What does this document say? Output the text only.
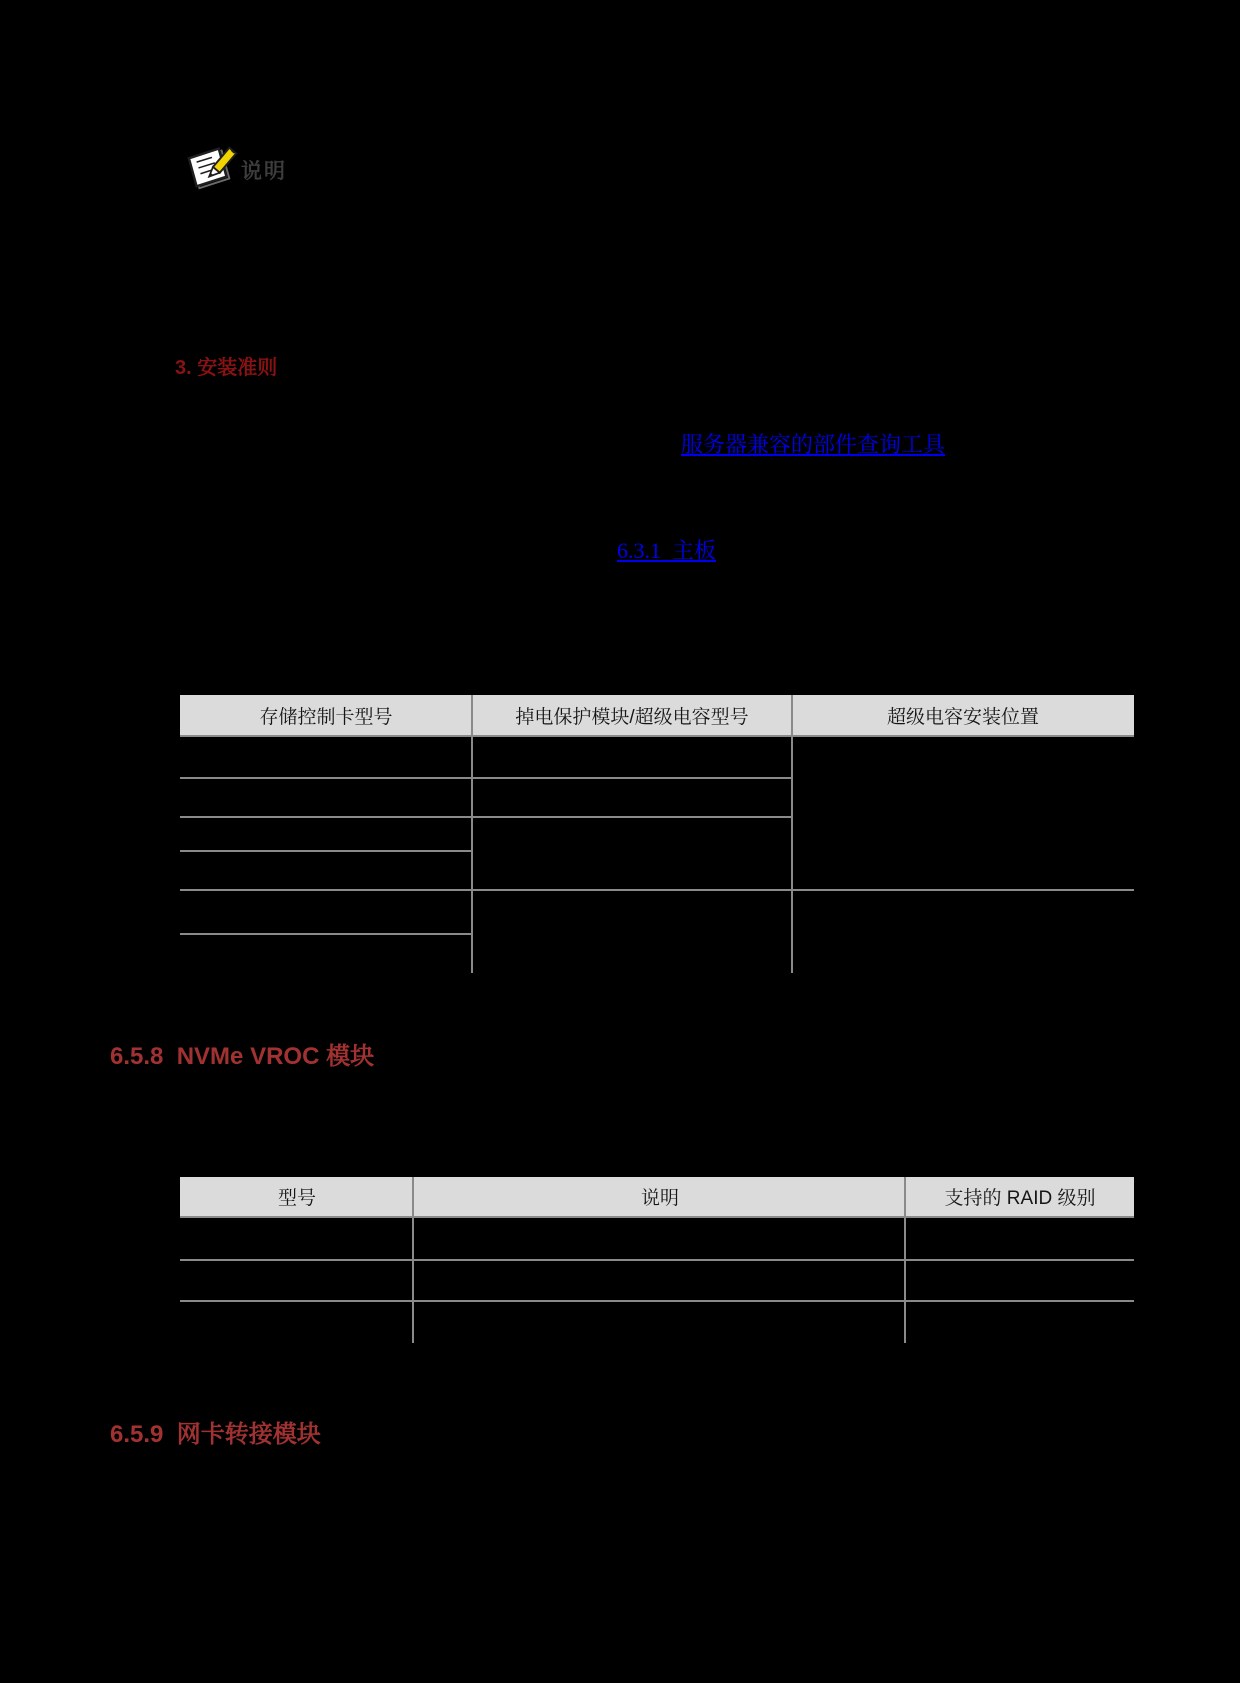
说明
3. 安装准则
服务器兼容的部件查询工具
6.3.1  主板
存储控制卡型号	掉电保护模块/超级电容型号	超级电容安装位置
6.5.8  NVMe VROC 模块
型号	说明	支持的 RAID 级别
6.5.9  网卡转接模块
